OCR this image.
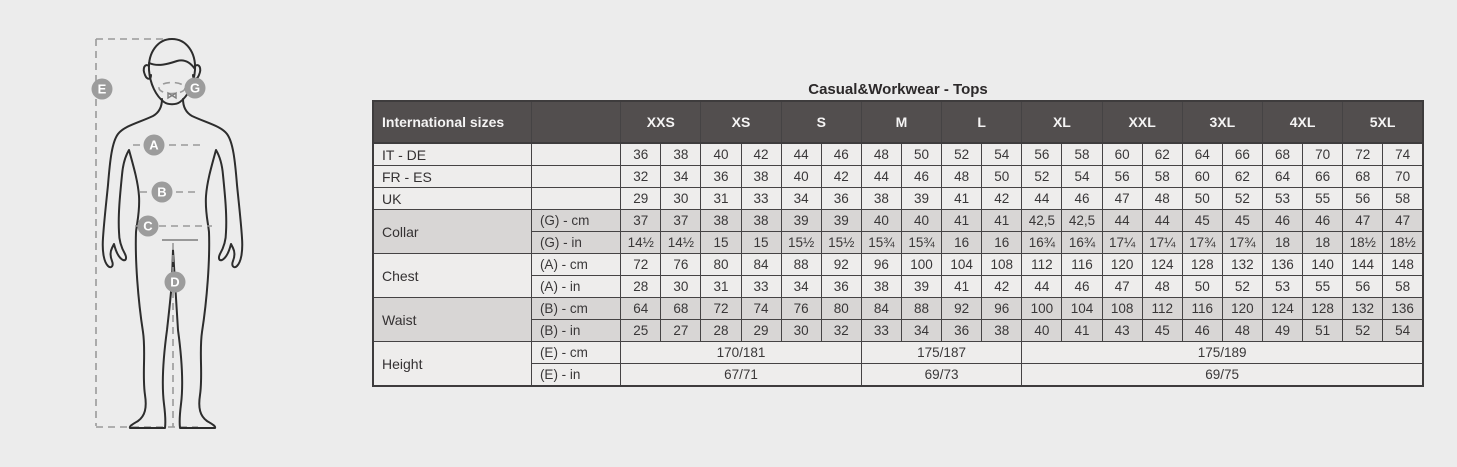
E	G
A
B
C
D
Casual&Workwear - Tops
International sizes		XXS		XS		S		M		L		XL		XXL		3XL		4XL		5XL	
IT - DE		36	38	40	42	44	46	48	50	52	54	56	58	60	62	64	66	68	70	72	74
FR - ES		32	34	36	38	40	42	44	46	48	50	52	54	56	58	60	62	64	66	68	70
UK		29	30	31	33	34	36	38	39	41	42	44	46	47	48	50	52	53	55	56	58
Collar	(G) - cm	37	37	38	38	39	39	40	40	41	41	42,5	42,5	44	44	45	45	46	46	47	47
	(G) - in	14½	14½	15	15	15½	15½	15¾	15¾	16	16	16¾	16¾	17¼	17¼	17¾	17¾	18	18	18½	18½
Chest	(A) - cm	72	76	80	84	88	92	96	100	104	108	112	116	120	124	128	132	136	140	144	148
	(A) - in	28	30	31	33	34	36	38	39	41	42	44	46	47	48	50	52	53	55	56	58
Waist	(B) - cm	64	68	72	74	76	80	84	88	92	96	100	104	108	112	116	120	124	128	132	136
	(B) - in	25	27	28	29	30	32	33	34	36	38	40	41	43	45	46	48	49	51	52	54
Height	(E) - cm	170/181						175/187				175/189									
	(E) - in	67/71						69/73				69/75									
